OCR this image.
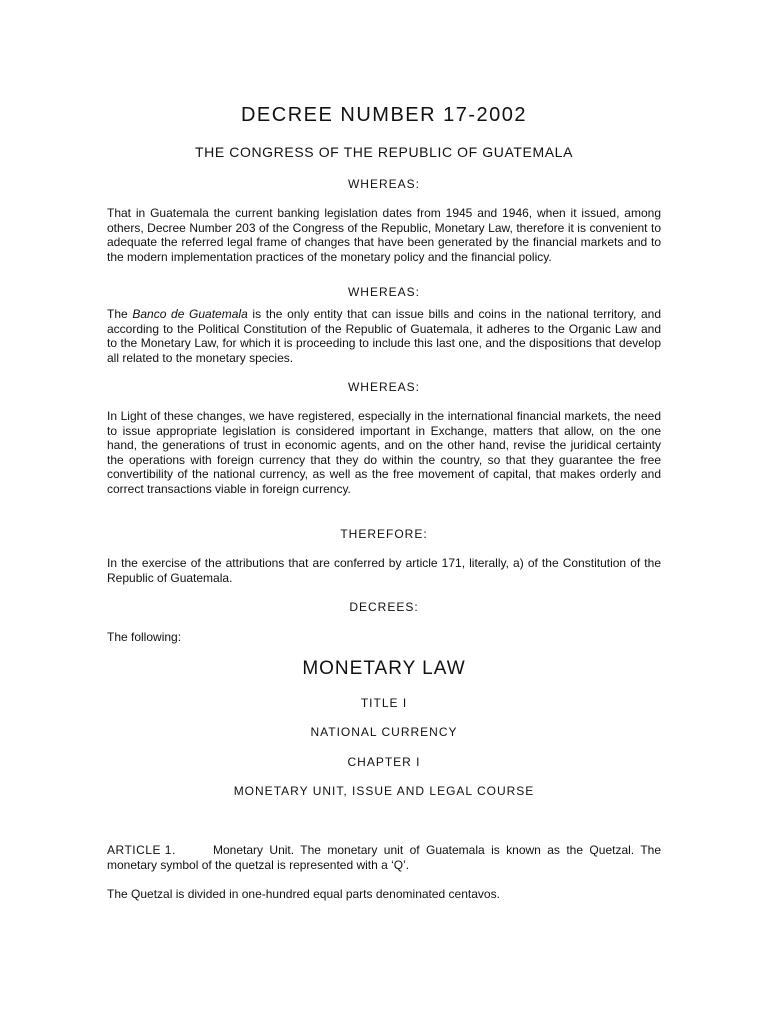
DECREE NUMBER 17-2002

THE CONGRESS OF THE REPUBLIC OF GUATEMALA

WHEREAS:

That in Guatemala the current banking legislation dates from 1945 and 1946, when it issued, among others, Decree Number 203 of the Congress of the Republic, Monetary Law, therefore it is convenient to adequate the referred legal frame of changes that have been generated by the financial markets and to the modern implementation practices of the monetary policy and the financial policy.

WHEREAS:

The Banco de Guatemala is the only entity that can issue bills and coins in the national territory, and according to the Political Constitution of the Republic of Guatemala, it adheres to the Organic Law and to the Monetary Law, for which it is proceeding to include this last one, and the dispositions that develop all related to the monetary species.

WHEREAS:

In Light of these changes, we have registered, especially in the international financial markets, the need to issue appropriate legislation is considered important in Exchange, matters that allow, on the one hand, the generations of trust in economic agents, and on the other hand, revise the juridical certainty the operations with foreign currency that they do within the country, so that they guarantee the free convertibility of the national currency, as well as the free movement of capital, that makes orderly and correct transactions viable in foreign currency.

THEREFORE:

In the exercise of the attributions that are conferred by article 171, literally, a) of the Constitution of the Republic of Guatemala.

DECREES:

The following:

MONETARY LAW

TITLE I

NATIONAL CURRENCY

CHAPTER I

MONETARY UNIT, ISSUE AND LEGAL COURSE

ARTICLE 1.	Monetary Unit. The monetary unit of Guatemala is known as the Quetzal. The monetary symbol of the quetzal is represented with a ‘Q’.

The Quetzal is divided in one-hundred equal parts denominated centavos.
